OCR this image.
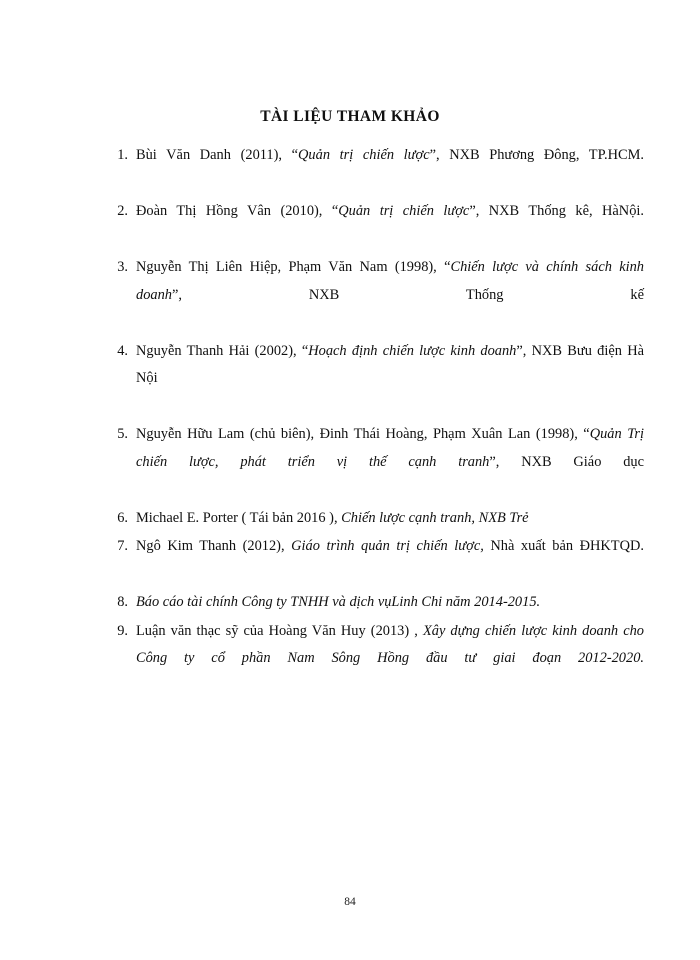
TÀI LIỆU THAM KHẢO
1. Bùi Văn Danh (2011), “Quản trị chiến lược”, NXB Phương Đông, TP.HCM.
2. Đoàn Thị Hồng Vân (2010), “Quản trị chiến lược”, NXB Thống kê, HàNội.
3. Nguyễn Thị Liên Hiệp, Phạm Văn Nam (1998), “Chiến lược và chính sách kinh doanh”, NXB Thống kế
4. Nguyễn Thanh Hải (2002), “Hoạch định chiến lược kinh doanh”, NXB Bưu điện Hà Nội
5. Nguyễn Hữu Lam (chủ biên), Đinh Thái Hoàng, Phạm Xuân Lan (1998), “Quản Trị chiến lược, phát triển vị thế cạnh tranh”, NXB Giáo dục
6. Michael E. Porter ( Tái bản 2016 ), Chiến lược cạnh tranh, NXB Trẻ
7. Ngô Kim Thanh (2012), Giáo trình quản trị chiến lược, Nhà xuất bản ĐHKTQD.
8. Báo cáo tài chính Công ty TNHH và dịch vụLinh Chi năm 2014-2015.
9. Luận văn thạc sỹ của Hoàng Văn Huy (2013) , Xây dựng chiến lược kinh doanh cho Công ty cổ phần Nam Sông Hồng đầu tư giai đoạn 2012-2020.
84
